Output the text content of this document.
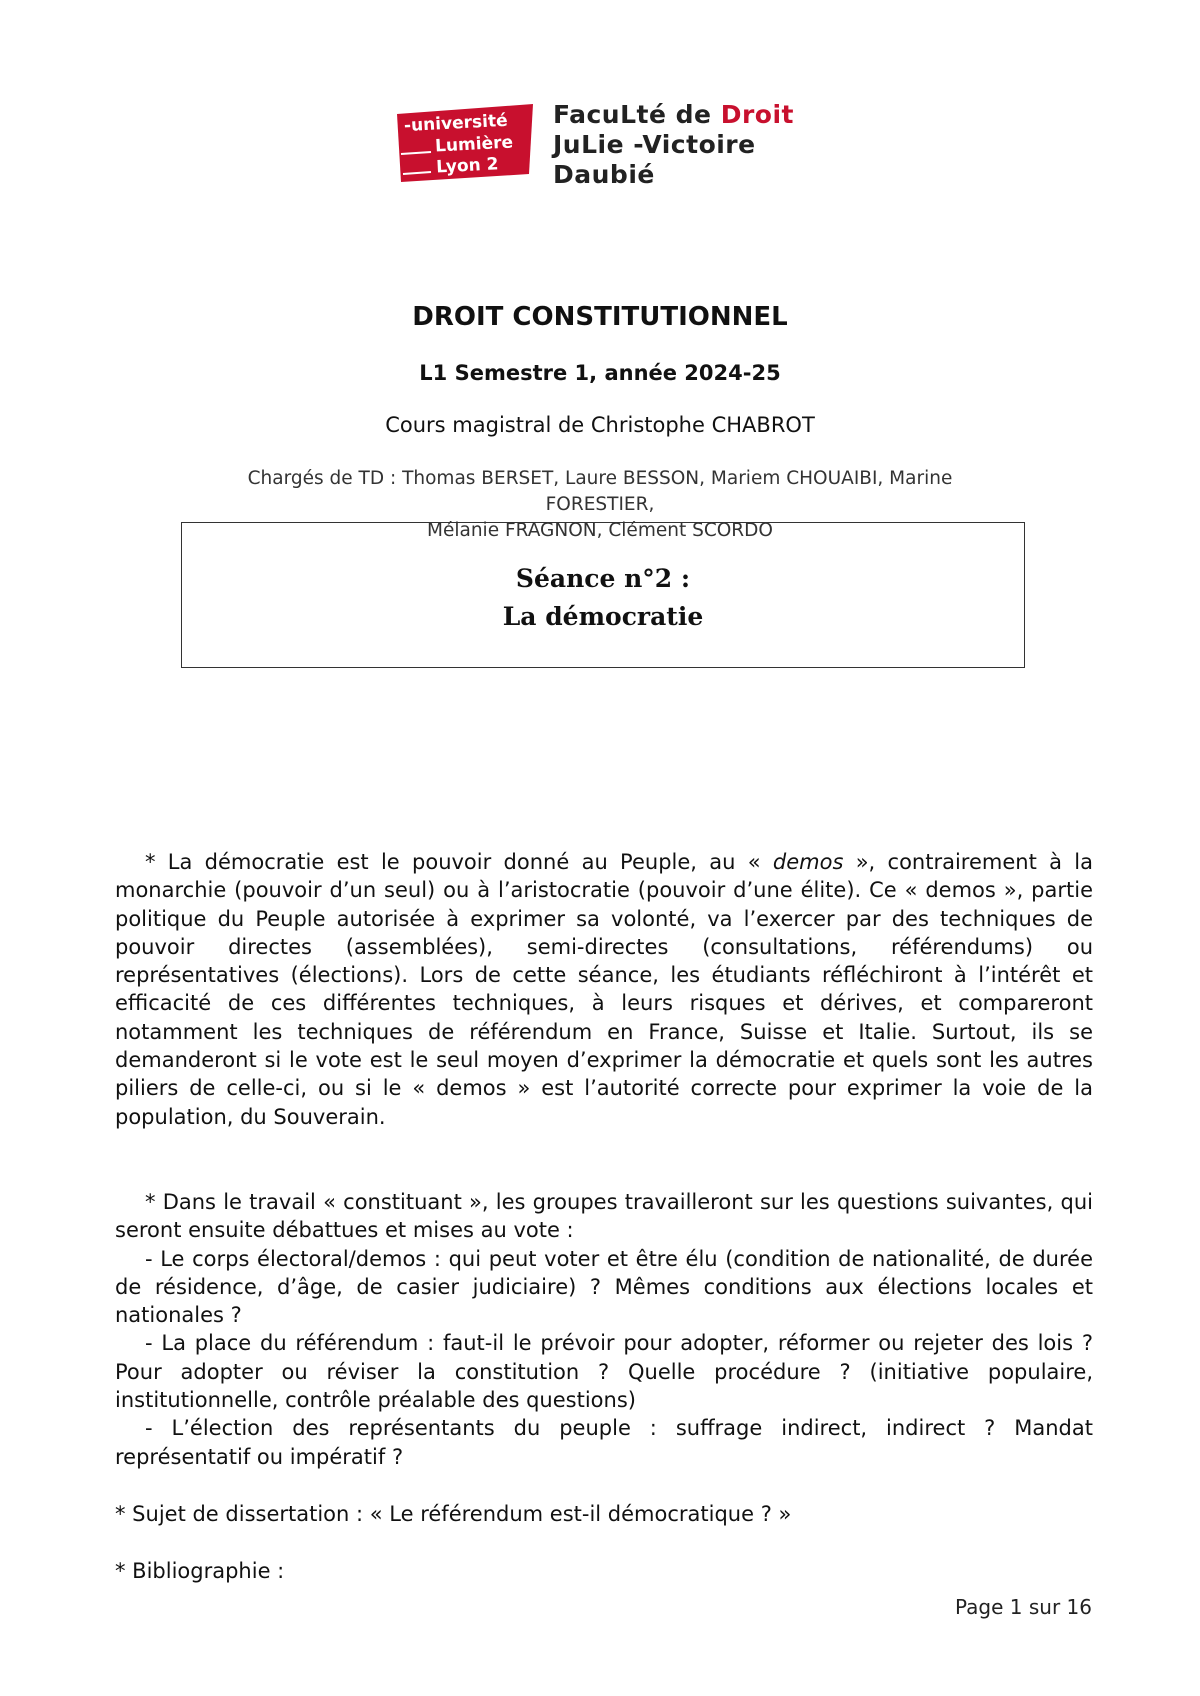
-université
Lumière
Lyon 2
FacuLté de Droit
JuLie -Victoire
Daubié
DROIT CONSTITUTIONNEL
L1 Semestre 1, année 2024-25
Cours magistral de Christophe CHABROT
Chargés de TD : Thomas BERSET, Laure BESSON, Mariem CHOUAIBI, Marine
FORESTIER,
Mélanie FRAGNON, Clément SCORDO
Séance n°2 :
La démocratie

* La démocratie est le pouvoir donné au Peuple, au « demos », contrairement à la monarchie (pouvoir d’un seul) ou à l’aristocratie (pouvoir d’une élite). Ce « demos », partie politique du Peuple autorisée à exprimer sa volonté, va l’exercer par des techniques de pouvoir directes (assemblées), semi-directes (consultations, référendums) ou représentatives (élections). Lors de cette séance, les étudiants réfléchiront à l’intérêt et efficacité de ces différentes techniques, à leurs risques et dérives, et compareront notamment les techniques de référendum en France, Suisse et Italie. Surtout, ils se demanderont si le vote est le seul moyen d’exprimer la démocratie et quels sont les autres piliers de celle-ci, ou si le « demos » est l’autorité correcte pour exprimer la voie de la population, du Souverain.

* Dans le travail « constituant », les groupes travailleront sur les questions suivantes, qui seront ensuite débattues et mises au vote :

- Le corps électoral/demos : qui peut voter et être élu (condition de nationalité, de durée de résidence, d’âge, de casier judiciaire) ? Mêmes conditions aux élections locales et nationales ?

- La place du référendum : faut-il le prévoir pour adopter, réformer ou rejeter des lois ? Pour adopter ou réviser la constitution ? Quelle procédure ? (initiative populaire, institutionnelle, contrôle préalable des questions)

- L’élection des représentants du peuple : suffrage indirect, indirect ? Mandat représentatif ou impératif ?

* Sujet de dissertation : « Le référendum est-il démocratique ? »
* Bibliographie :
Page 1 sur 16
